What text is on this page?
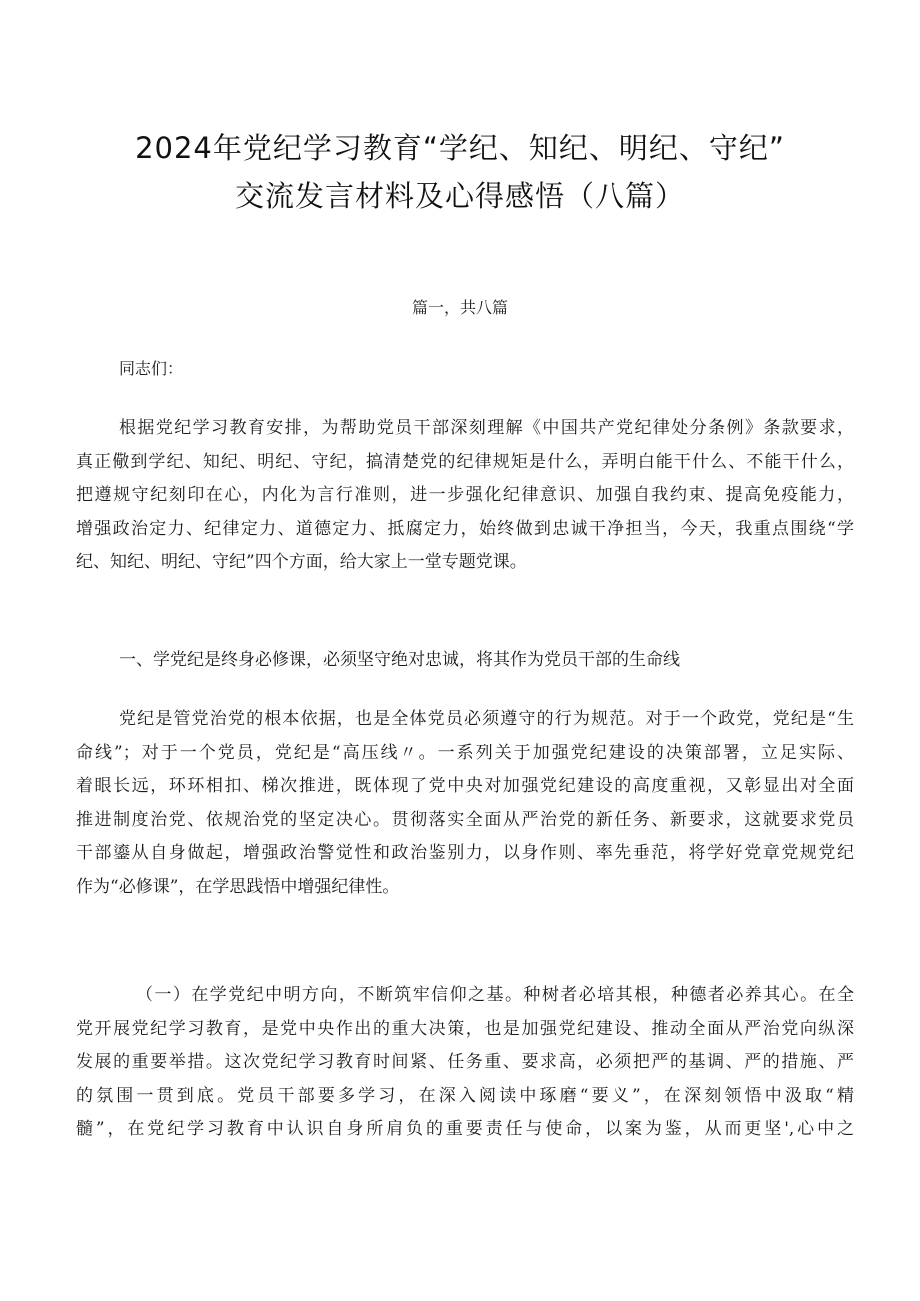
2024年党纪学习教育“学纪、知纪、明纪、守纪”
交流发言材料及心得感悟（八篇）
篇一，共八篇
同志们：
根据党纪学习教育安排，为帮助党员干部深刻理解《中国共产党纪律处分条例》条款要求，
真正儆到学纪、知纪、明纪、守纪，搞清楚党的纪律规矩是什么，弄明白能干什么、不能干什么，
把遵规守纪刻印在心，内化为言行准则，进一步强化纪律意识、加强自我约束、提高免疫能力，
增强政治定力、纪律定力、道德定力、抵腐定力，始终做到忠诚干净担当，今天，我重点围绕“学
纪、知纪、明纪、守纪”四个方面，给大家上一堂专题党课。
一、学党纪是终身必修课，必须坚守绝对忠诚，将其作为党员干部的生命线
党纪是管党治党的根本依据，也是全体党员必须遵守的行为规范。对于一个政党，党纪是“生
命线”；对于一个党员，党纪是“高压线〃。一系列关于加强党纪建设的决策部署，立足实际、
着眼长远，环环相扣、梯次推进，既体现了党中央对加强党纪建设的高度重视，又彰显出对全面
推进制度治党、依规治党的坚定决心。贯彻落实全面从严治党的新任务、新要求，这就要求党员
干部鎏从自身做起，增强政治警觉性和政治鉴别力，以身作则、率先垂范，将学好党章党规党纪
作为“必修课”，在学思践悟中增强纪律性。
（一）在学党纪中明方向，不断筑牢信仰之基。种树者必培其根，种德者必养其心。在全
党开展党纪学习教育，是党中央作出的重大决策，也是加强党纪建设、推动全面从严治党向纵深
发展的重要举措。这次党纪学习教育时间紧、任务重、要求高，必须把严的基调、严的措施、严
的氛围一贯到底。党员干部要多学习，在深入阅读中琢磨“要义”，在深刻领悟中汲取“精
髓”，在党纪学习教育中认识自身所肩负的重要责任与使命，以案为鉴，从而更坚',心中之
